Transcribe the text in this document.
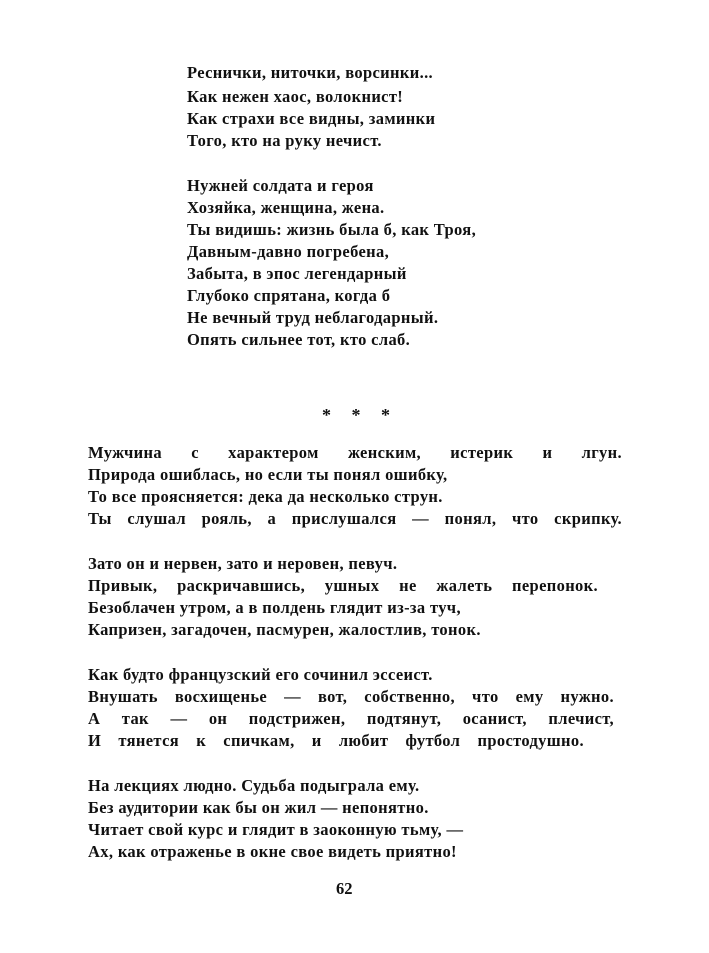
Реснички, ниточки, ворсинки...
Как нежен хаос, волокнист!
Как страхи все видны, заминки
Того, кто на руку нечист.
Нужней солдата и героя
Хозяйка, женщина, жена.
Ты видишь: жизнь была б, как Троя,
Давным-давно погребена,
Забыта, в эпос легендарный
Глубоко спрятана, когда б
Не вечный труд неблагодарный.
Опять сильнее тот, кто слаб.
* * *
Мужчина с характером женским, истерик и лгун.
Природа ошиблась, но если ты понял ошибку,
То все проясняется: дека да несколько струн.
Ты слушал рояль, а прислушался — понял, что скрипку.
Зато он и нервен, зато и неровен, певуч.
Привык, раскричавшись, ушных не жалеть перепонок.
Безоблачен утром, а в полдень глядит из-за туч,
Капризен, загадочен, пасмурен, жалостлив, тонок.
Как будто французский его сочинил эссеист.
Внушать восхищенье — вот, собственно, что ему нужно.
А так — он подстрижен, подтянут, осанист, плечист,
И тянется к спичкам, и любит футбол простодушно.
На лекциях людно. Судьба подыграла ему.
Без аудитории как бы он жил — непонятно.
Читает свой курс и глядит в заоконную тьму, —
Ах, как отраженье в окне свое видеть приятно!
62
